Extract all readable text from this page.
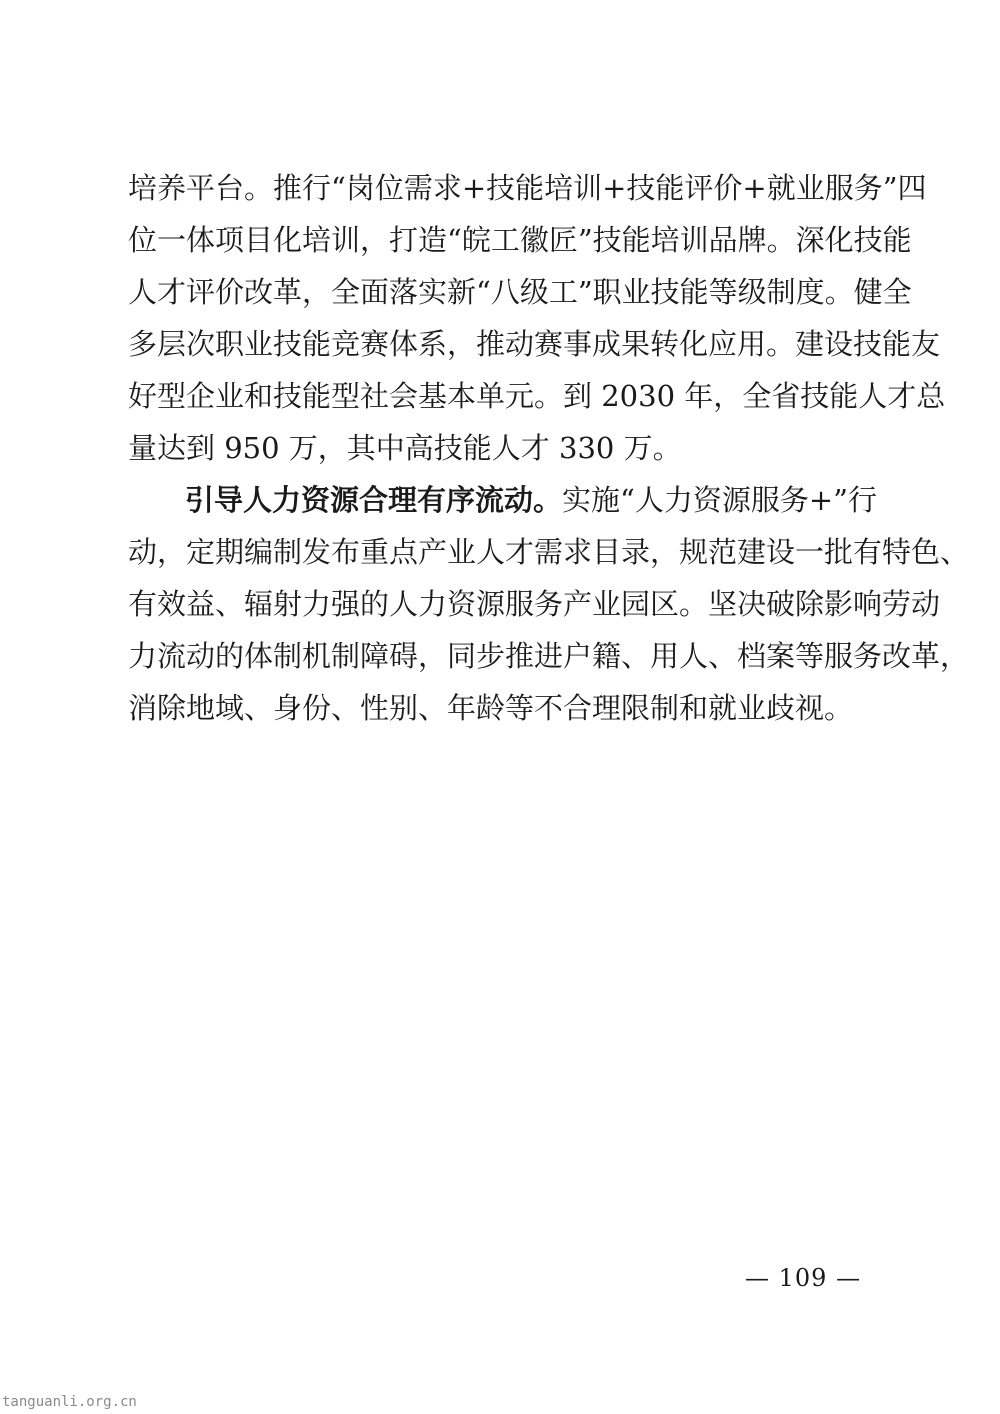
培养平台。推行“岗位需求+技能培训+技能评价+就业服务”四
位一体项目化培训，打造“皖工徽匠”技能培训品牌。深化技能
人才评价改革，全面落实新“八级工”职业技能等级制度。健全
多层次职业技能竞赛体系，推动赛事成果转化应用。建设技能友
好型企业和技能型社会基本单元。到 2030 年，全省技能人才总
量达到 950 万，其中高技能人才 330 万。
引导人力资源合理有序流动。实施“人力资源服务+”行
动，定期编制发布重点产业人才需求目录，规范建设一批有特色、
有效益、辐射力强的人力资源服务产业园区。坚决破除影响劳动
力流动的体制机制障碍，同步推进户籍、用人、档案等服务改革，
消除地域、身份、性别、年龄等不合理限制和就业歧视。
— 109 —
tanguanli.org.cn
